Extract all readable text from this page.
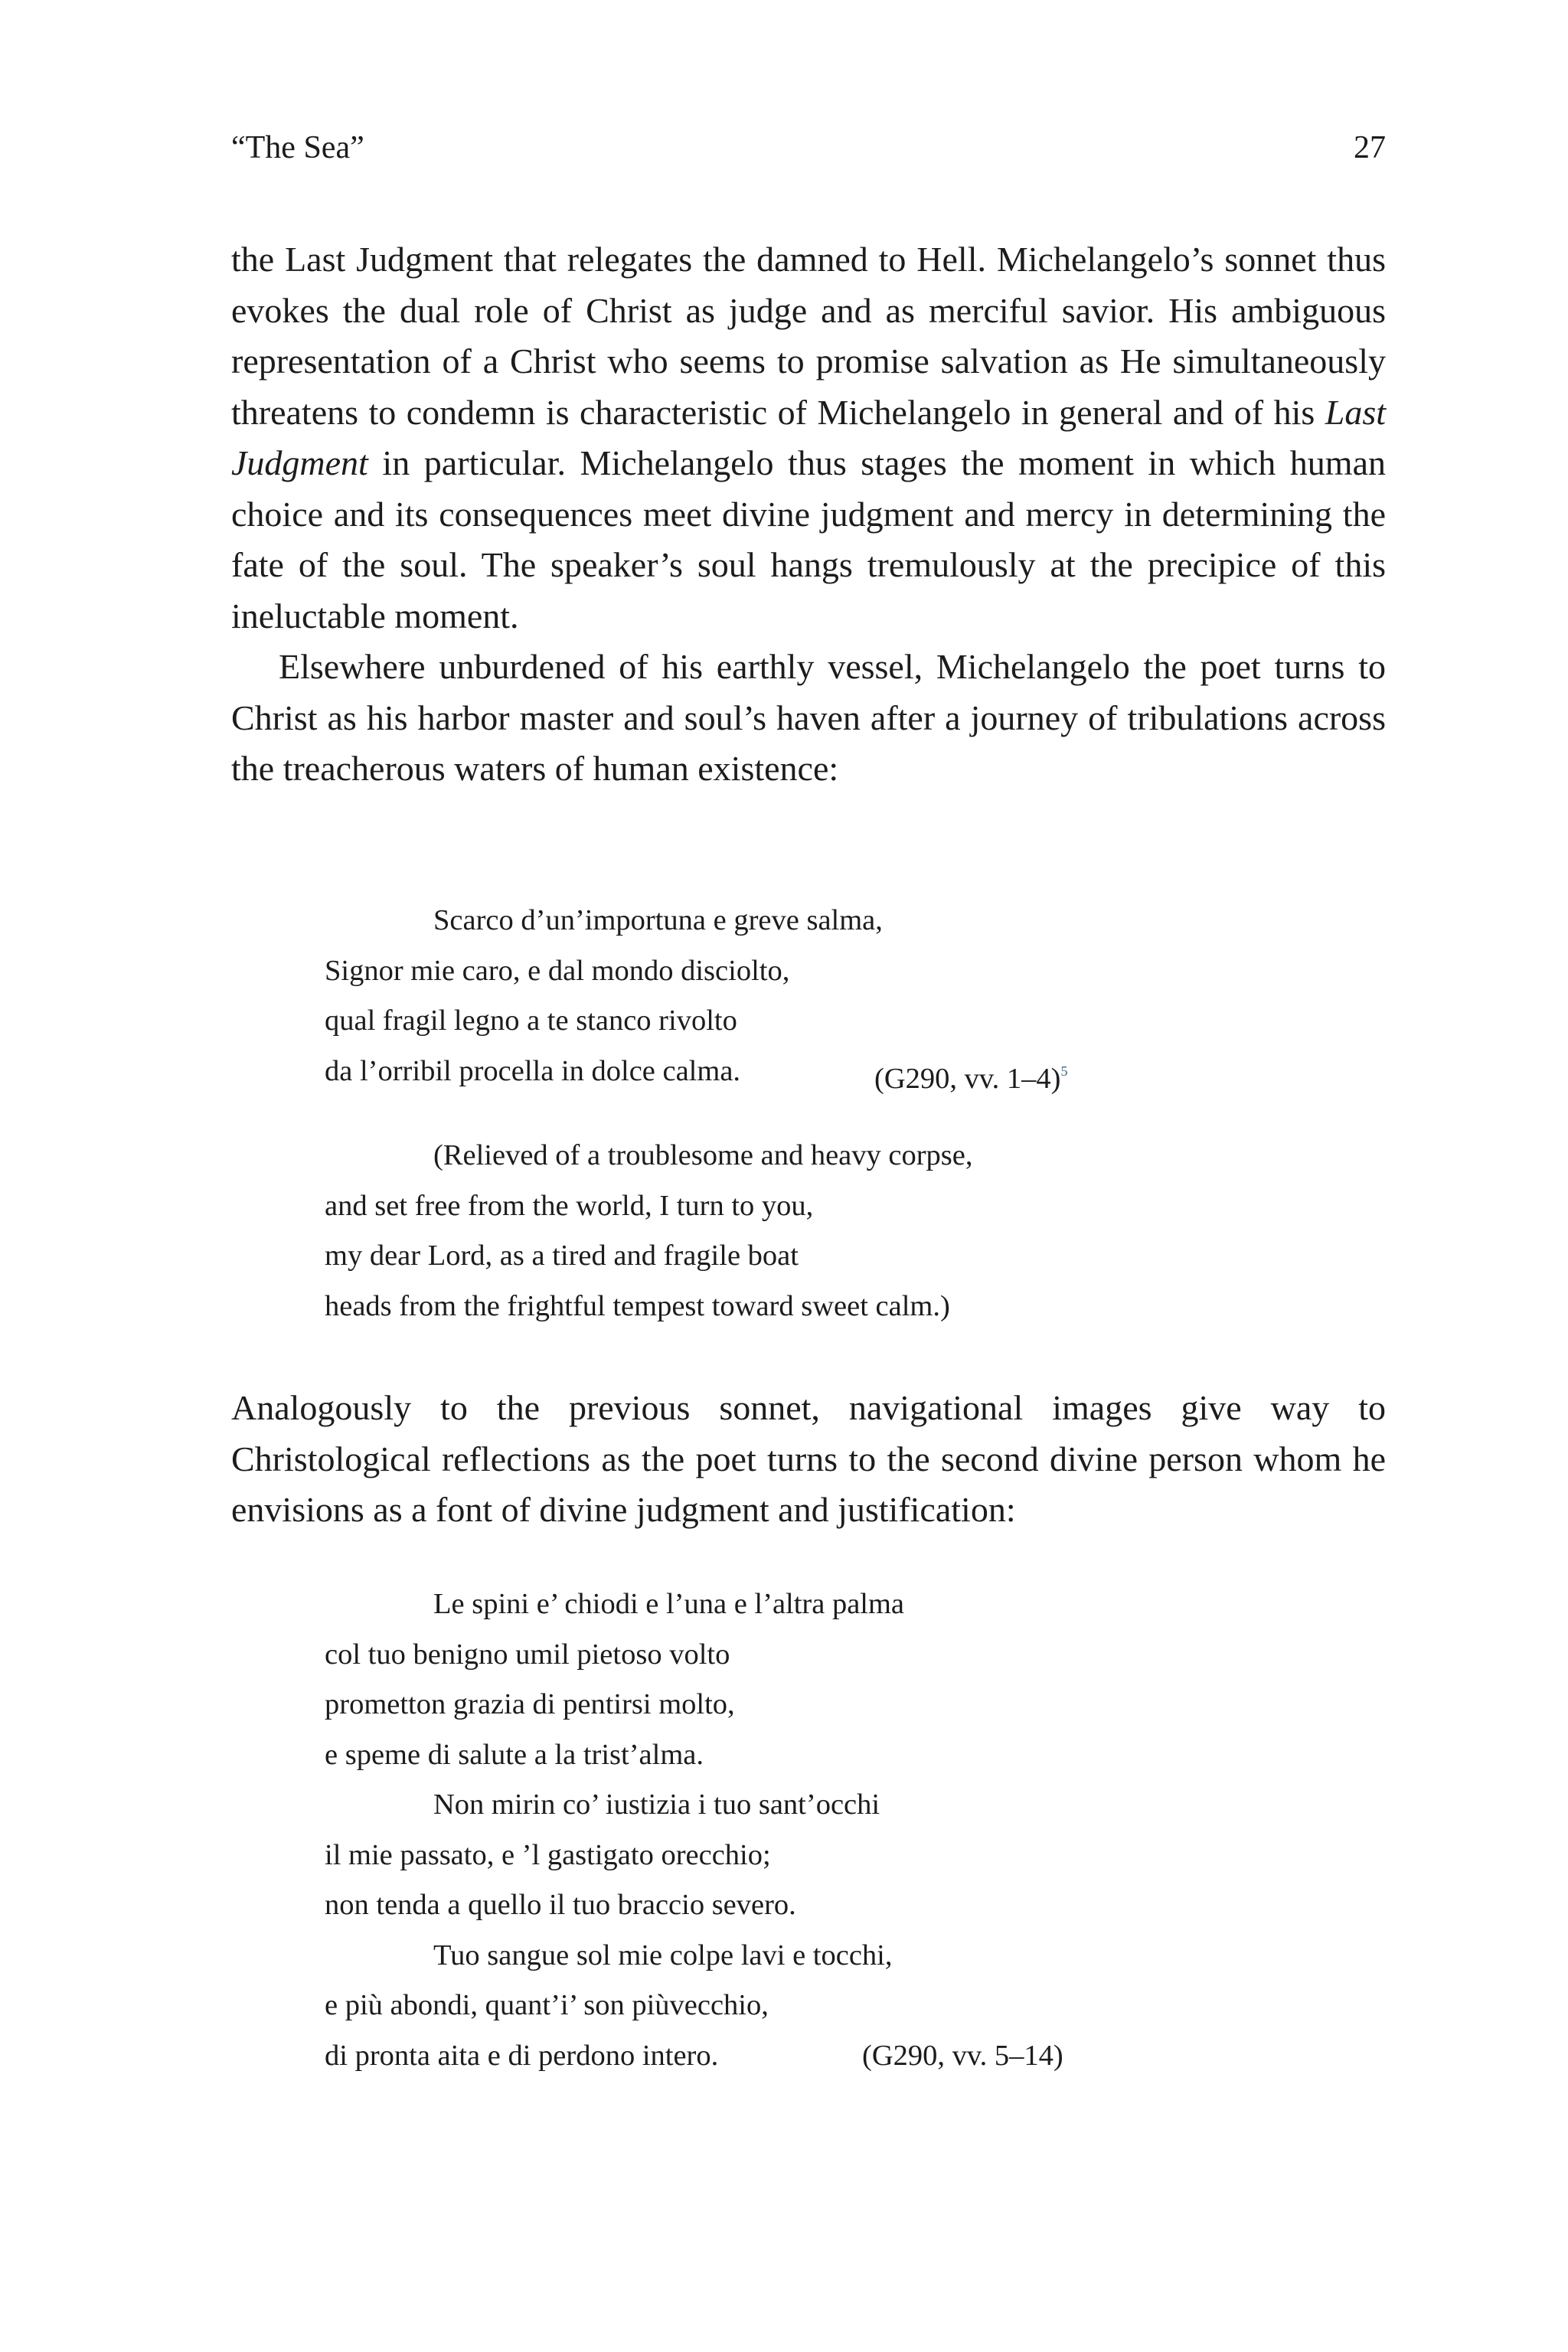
“The Sea”	27

the Last Judgment that relegates the damned to Hell. Michelangelo’s sonnet thus evokes the dual role of Christ as judge and as merciful savior. His ambiguous representation of a Christ who seems to promise salvation as He simultaneously threatens to condemn is characteristic of Michelangelo in general and of his Last Judgment in particular. Michelangelo thus stages the moment in which human choice and its consequences meet divine judgment and mercy in determining the fate of the soul. The speaker’s soul hangs tremulously at the precipice of this ineluctable moment.

Elsewhere unburdened of his earthly vessel, Michelangelo the poet turns to Christ as his harbor master and soul’s haven after a journey of tribulations across the treacherous waters of human existence:

Scarco d’un’importuna e greve salma,
Signor mie caro, e dal mondo disciolto,
qual fragil legno a te stanco rivolto
da l’orribil procella in dolce calma.	(G290, vv. 1–4)$^5$
(Relieved of a troublesome and heavy corpse,
and set free from the world, I turn to you,
my dear Lord, as a tired and fragile boat
heads from the frightful tempest toward sweet calm.)

Analogously to the previous sonnet, navigational images give way to Christological reflections as the poet turns to the second divine person whom he envisions as a font of divine judgment and justification:

Le spini e’ chiodi e l’una e l’altra palma
col tuo benigno umil pietoso volto
prometton grazia di pentirsi molto,
e speme di salute a la trist’alma.
Non mirin co’ iustizia i tuo sant’occhi
il mie passato, e ’l gastigato orecchio;
non tenda a quello il tuo braccio severo.
Tuo sangue sol mie colpe lavi e tocchi,
e più abondi, quant’i’ son piùvecchio,
di pronta aita e di perdono intero.	(G290, vv. 5–14)
